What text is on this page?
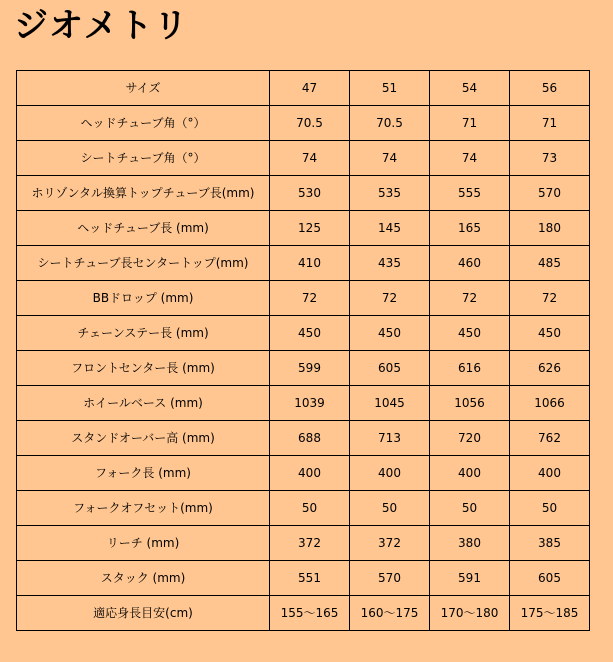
ジオメトリ
サイズ	47	51	54	56
ヘッドチューブ角（°）	70.5	70.5	71	71
シートチューブ角（°）	74	74	74	73
ホリゾンタル換算トップチューブ長(mm)	530	535	555	570
ヘッドチューブ長 (mm)	125	145	165	180
シートチューブ長センタートップ(mm)	410	435	460	485
BBドロップ (mm)	72	72	72	72
チェーンステー長 (mm)	450	450	450	450
フロントセンター長 (mm)	599	605	616	626
ホイールベース (mm)	1039	1045	1056	1066
スタンドオーバー高 (mm)	688	713	720	762
フォーク長 (mm)	400	400	400	400
フォークオフセット(mm)	50	50	50	50
リーチ (mm)	372	372	380	385
スタック (mm)	551	570	591	605
適応身長目安(cm)	155〜165	160〜175	170〜180	175〜185
